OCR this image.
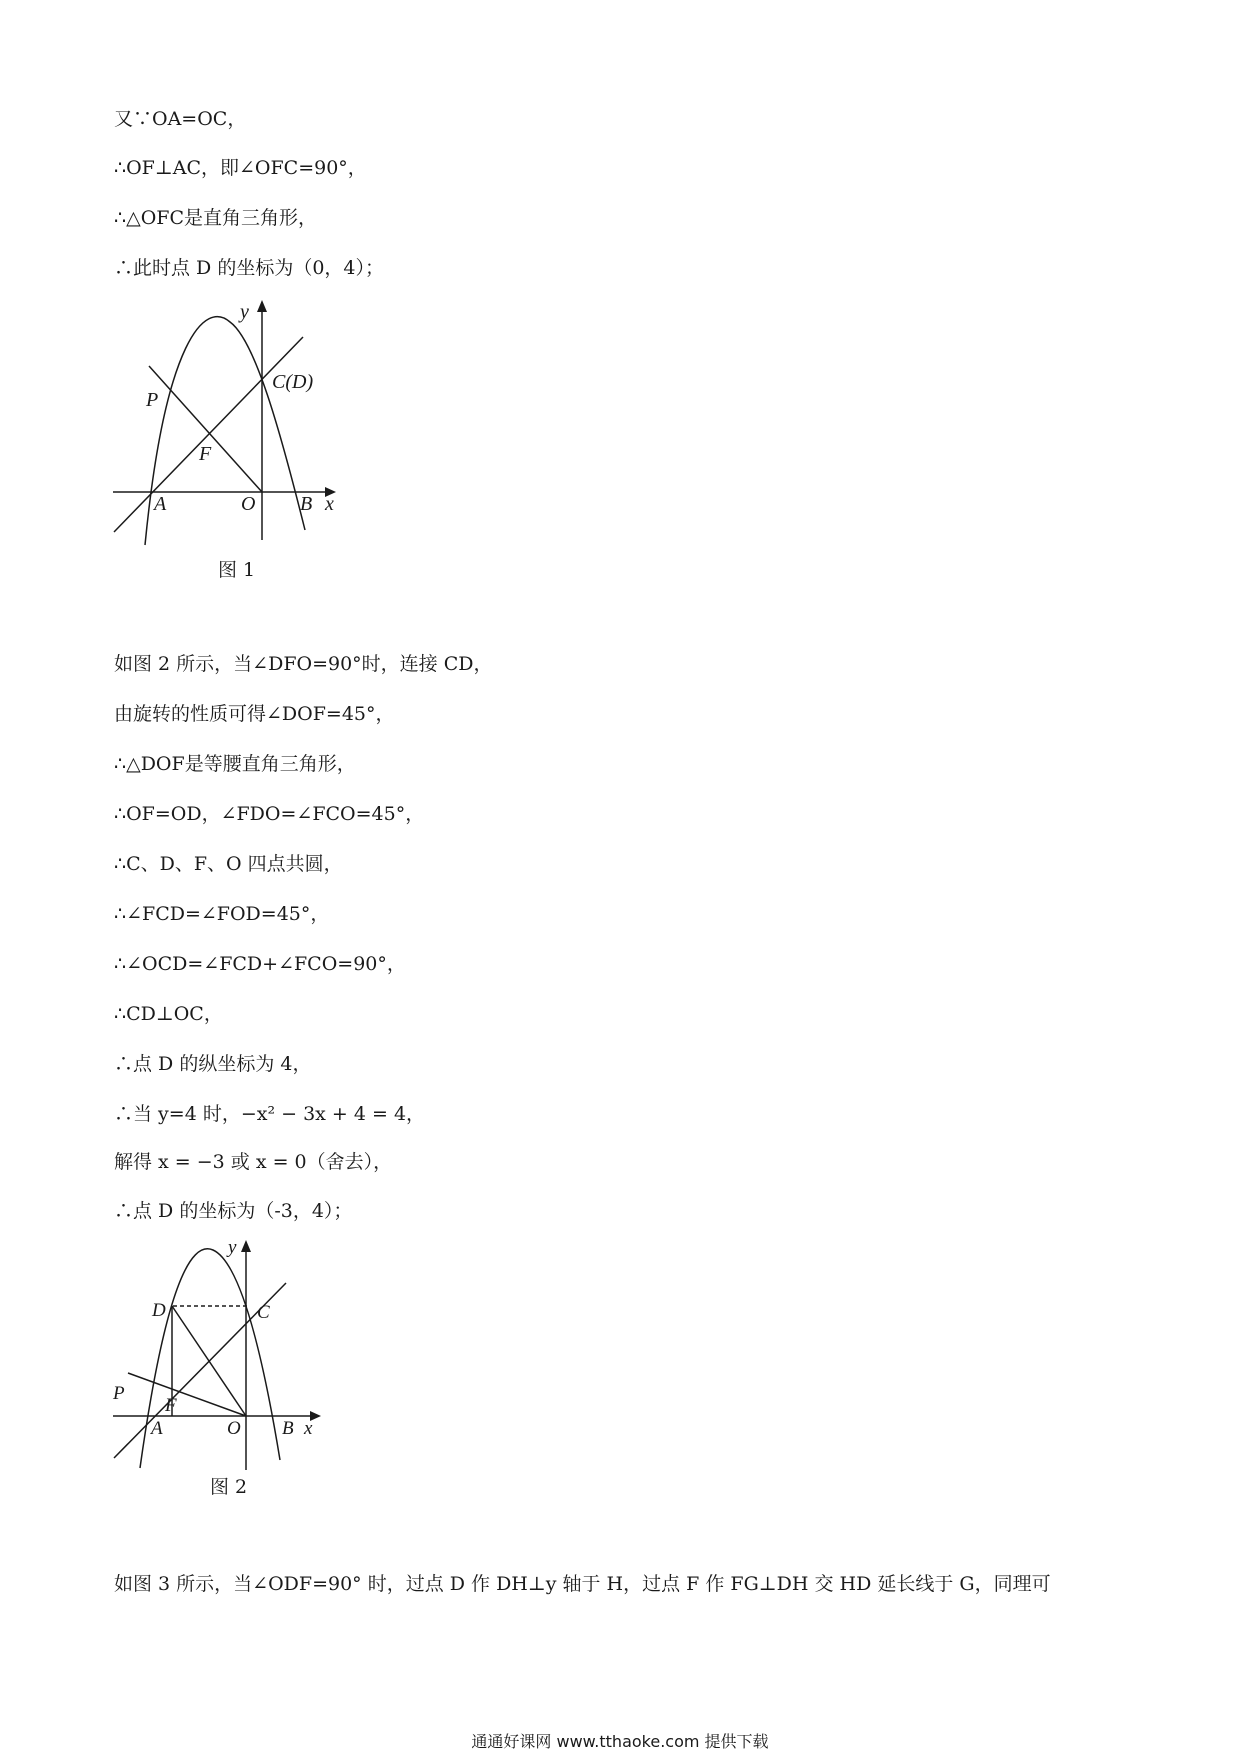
又∵OA=OC，
∴OF⊥AC，即∠OFC=90°，
∴△OFC是直角三角形，
∴此时点 D 的坐标为（0，4）；
y
C(D)
P
F
A	O B x
图 1
如图 2 所示，当∠DFO=90°时，连接 CD，
由旋转的性质可得∠DOF=45°，
∴△DOF是等腰直角三角形，
∴OF=OD，∠FDO=∠FCO=45°，
∴C、D、F、O 四点共圆，
∴∠FCD=∠FOD=45°，
∴∠OCD=∠FCD+∠FCO=90°，
∴CD⊥OC，
∴点 D 的纵坐标为 4，
∴当 y=4 时，−x² − 3x + 4 = 4，
解得 x = −3 或 x = 0（舍去），
∴点 D 的坐标为（-3，4）；
y
D	C
P
F
A	O B x
图 2
如图 3 所示，当∠ODF=90° 时，过点 D 作 DH⊥y 轴于 H，过点 F 作 FG⊥DH 交 HD 延长线于 G，同理可
通通好课网 www.tthaoke.com 提供下载
